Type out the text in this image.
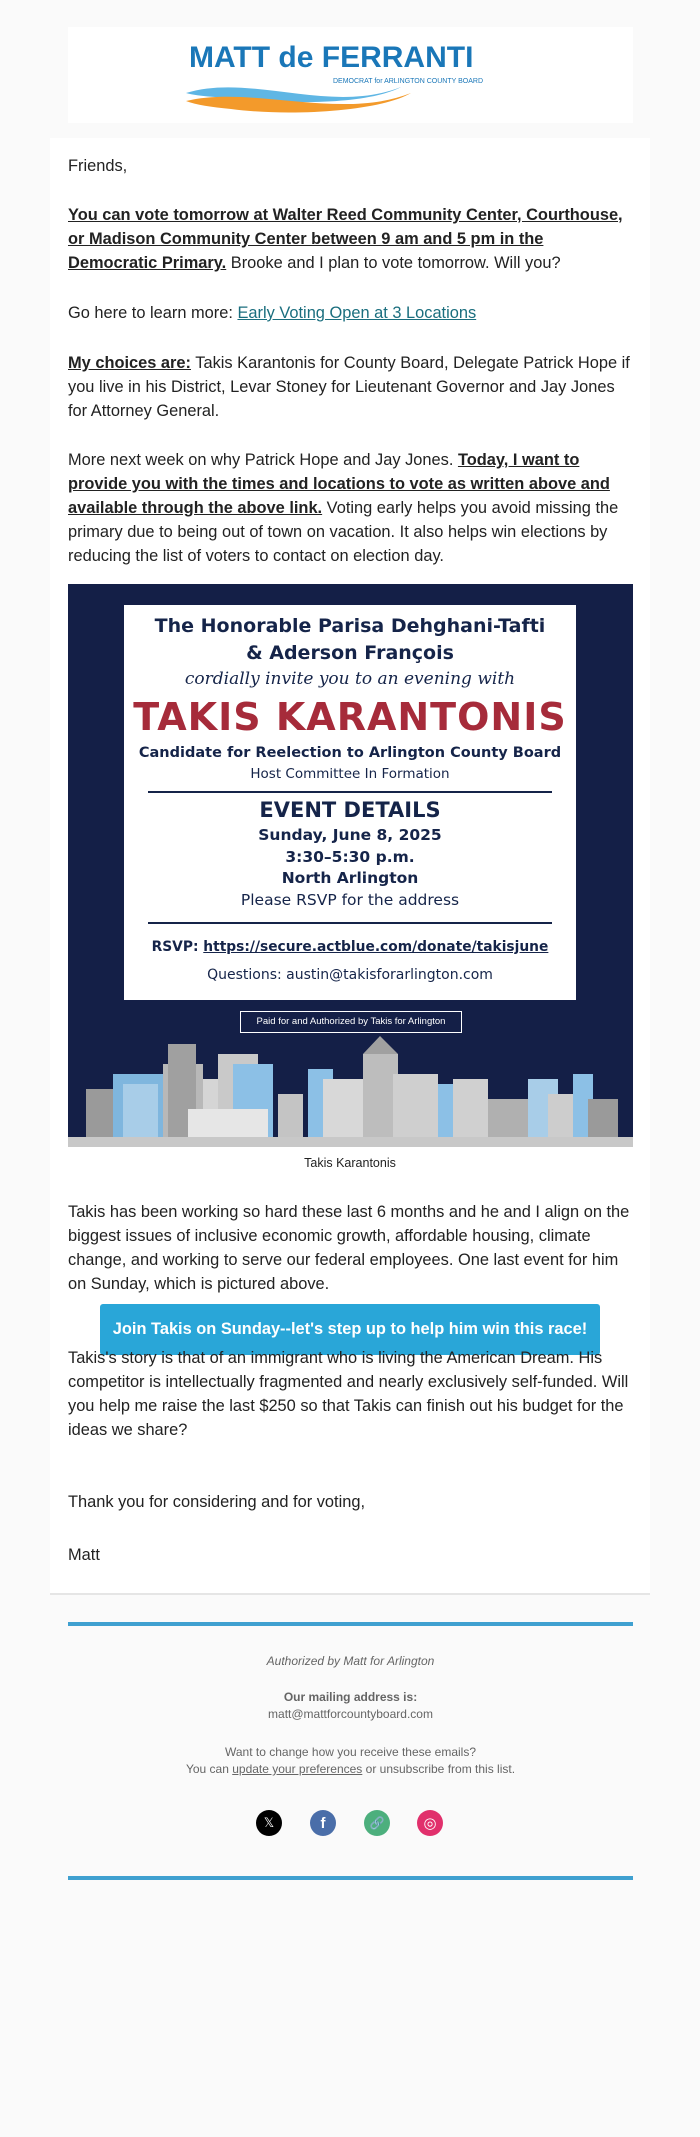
MATT de FERRANTI
DEMOCRAT for ARLINGTON COUNTY BOARD

Friends,

You can vote tomorrow at Walter Reed Community Center, Courthouse, or Madison Community Center between 9 am and 5 pm in the Democratic Primary. Brooke and I plan to vote tomorrow. Will you?

Go here to learn more: Early Voting Open at 3 Locations

My choices are: Takis Karantonis for County Board, Delegate Patrick Hope if you live in his District, Levar Stoney for Lieutenant Governor and Jay Jones for Attorney General.

More next week on why Patrick Hope and Jay Jones. Today, I want to provide you with the times and locations to vote as written above and available through the above link. Voting early helps you avoid missing the primary due to being out of town on vacation. It also helps win elections by reducing the list of voters to contact on election day.

The Honorable Parisa Dehghani-Tafti
& Aderson François
cordially invite you to an evening with
TAKIS KARANTONIS
Candidate for Reelection to Arlington County Board
Host Committee In Formation
EVENT DETAILS
Sunday, June 8, 2025
3:30–5:30 p.m.
North Arlington
Please RSVP for the address
RSVP: https://secure.actblue.com/donate/takisjune
Questions: austin@takisforarlington.com
Paid for and Authorized by Takis for Arlington
Takis Karantonis

Takis has been working so hard these last 6 months and he and I align on the biggest issues of inclusive economic growth, affordable housing, climate change, and working to serve our federal employees. One last event for him on Sunday, which is pictured above.

Join Takis on Sunday--let's step up to help him win this race!

Takis's story is that of an immigrant who is living the American Dream. His competitor is intellectually fragmented and nearly exclusively self-funded. Will you help me raise the last $250 so that Takis can finish out his budget for the ideas we share?

Thank you for considering and for voting,

Matt

Authorized by Matt for Arlington
Our mailing address is:
matt@mattforcountyboard.com
Want to change how you receive these emails?
You can update your preferences or unsubscribe from this list.
𝕏	f	🔗	◎
